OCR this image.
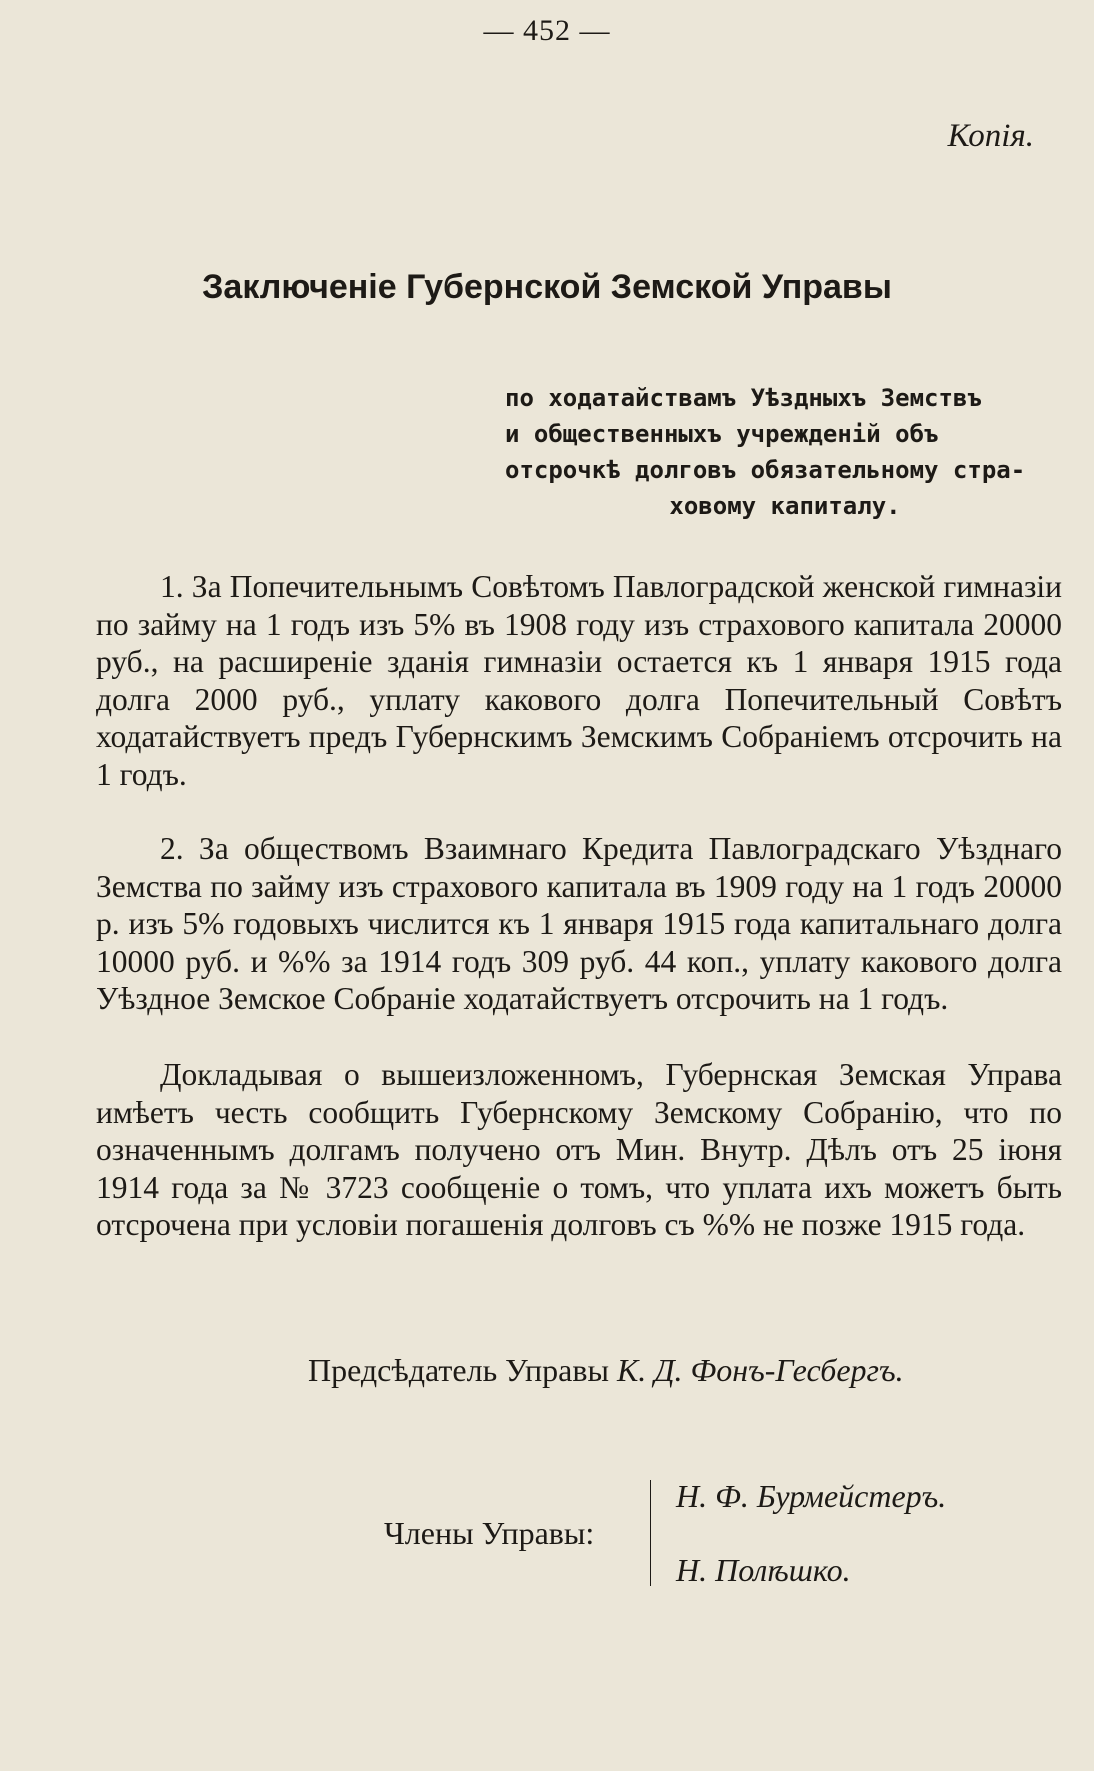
— 452 —
Копія.
Заключеніе Губернской Земской Управы
по ходатайствамъ Уѣздныхъ Земствъ
и общественныхъ учрежденій объ
отсрочкѣ долговъ обязательному стра-
ховому капиталу.

1. За Попечительнымъ Совѣтомъ Павлоградской женской гимназіи по займу на 1 годъ изъ 5% въ 1908 году изъ страхового капитала 20000 руб., на расширеніе зданія гимназіи остается къ 1 января 1915 года долга 2000 руб., уплату какового долга Попечительный Совѣтъ ходатайствуетъ предъ Губернскимъ Земскимъ Собраніемъ отсрочить на 1 годъ.

2. За обществомъ Взаимнаго Кредита Павлоградскаго Уѣзднаго Земства по займу изъ страхового капитала въ 1909 году на 1 годъ 20000 р. изъ 5% годовыхъ числится къ 1 января 1915 года капитальнаго долга 10000 руб. и %% за 1914 годъ 309 руб. 44 коп., уплату какового долга Уѣздное Земское Собраніе ходатайствуетъ отсрочить на 1 годъ.

Докладывая о вышеизложенномъ, Губернская Земская Управа имѣетъ честь сообщить Губернскому Земскому Собранію, что по означеннымъ долгамъ получено отъ Мин. Внутр. Дѣлъ отъ 25 іюня 1914 года за № 3723 сообщеніе о томъ, что уплата ихъ можетъ быть отсрочена при условіи погашенія долговъ съ %% не позже 1915 года.

Предсѣдатель Управы К. Д. Фонъ-Гесбергъ.
Члены Управы:
Н. Ф. Бурмейстеръ.
Н. Полѣшко.
